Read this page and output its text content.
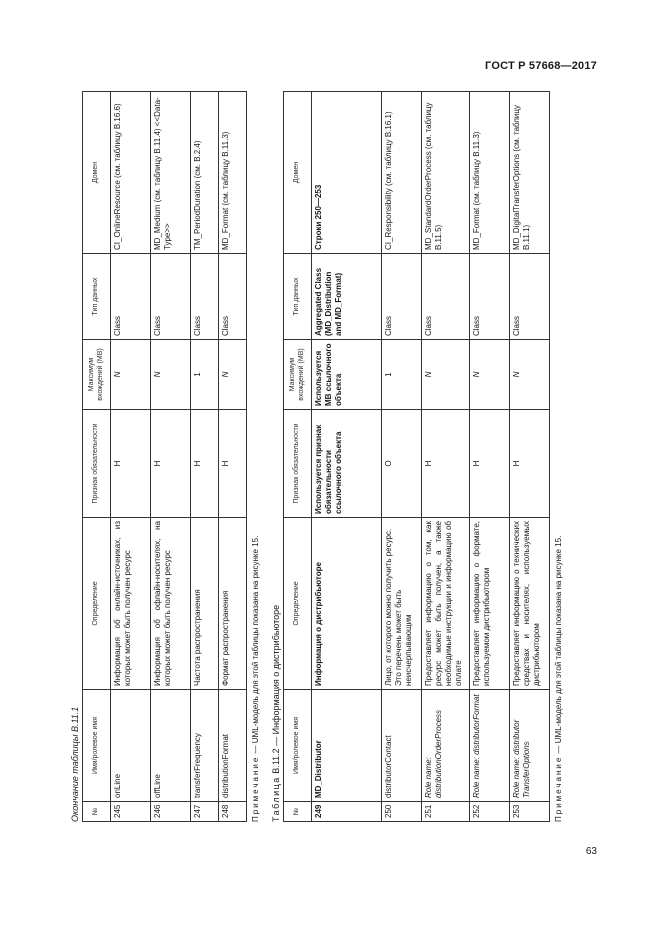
ГОСТ Р 57668—2017
Окончание таблицы B.11.1 №	Имя/ролевое имя	Определение	Признак обязательности	Максимум вхождений (МВ)	Тип данных	Домен
245	onLine	Информация об онлайн-источниках, из которых может быть получен ресурс	Н	N	Class	CI_OnlineResource (см. таблицу B.16.6)
246	offLine	Информация об офлайн-носителях, на которых может быть получен ресурс	Н	N	Class	MD_Medium (см. таблицу B.11.4) <<Data-Type>>
247	transferFrequency	Частота распространения	Н	1	Class	TM_PeriodDuration (см. B.2.4)
248	distributionFormat	Формат распространения	Н	N	Class	MD_Format (см. таблицу B.11.3)
Примечание — UML-модель для этой таблицы показана на рисунке 15.
Таблица B.11.2 — Информация о дистрибьюторе
№	Имя/ролевое имя	Определение	Признак обязательности	Максимум вхождений (МВ)	Тип данных	Домен
249	MD_Distributor	Информация о дистрибьюторе	Используется признак обязательности ссылочного объекта	Используется МВ ссылочного объекта	Aggregated Class (MD_Distribution and MD_Format)	Строки 250—253
250	distributorContact	Лицо, от которого можно получить ресурс. Это перечень может быть неисчерпывающим	О	1	Class	CI_Responsibility (см. таблицу B.16.1)
251	Role name: distributionOrderProcess	Предоставляет информацию о том, как ресурс может быть получен, а также необходимые инструкции и информацию об оплате	Н	N	Class	MD_StandardOrderProcess (см. таблицу B.11.5)
252	Role name: distributorFormat	Предоставляет информацию о формате, используемом дистрибьютором	Н	N	Class	MD_Format (см. таблицу B.11.3)
253	Role name: distributor TransferOptions	Предоставляет информацию о технических средствах и носителях, используемых дистрибьютором	Н	N	Class	MD_DigitalTransferOptions (см. таблицу B.11.1)
Примечание — UML-модель для этой таблицы показана на рисунке 15.
63
